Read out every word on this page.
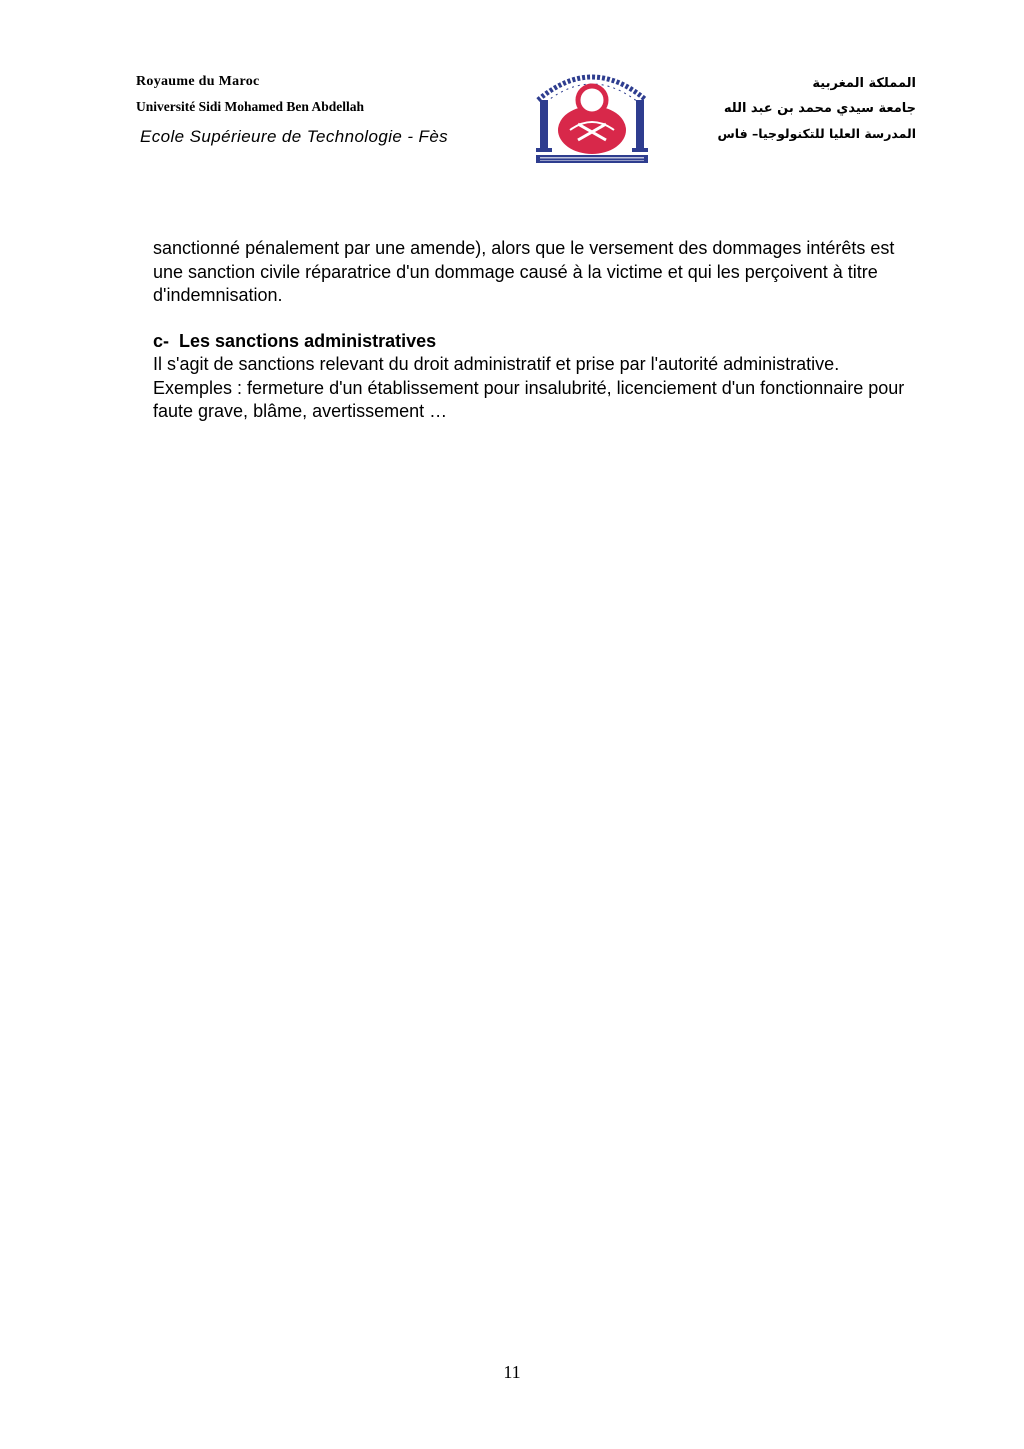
Royaume du Maroc
Université Sidi Mohamed Ben Abdellah
Ecole Supérieure de Technologie - Fès
المملكة المغربية
جامعة سيدي محمد بن عبد الله
المدرسة العليا للتكنولوجيا– فاس

sanctionné pénalement par une amende), alors que le versement des dommages intérêts est une sanction civile réparatrice d'un dommage causé à la victime et qui les perçoivent à titre d'indemnisation.

c- Les sanctions administratives

Il s'agit de sanctions relevant du droit administratif et prise par l'autorité administrative. Exemples : fermeture d'un établissement pour insalubrité, licenciement d'un fonctionnaire pour faute grave, blâme, avertissement …

11
